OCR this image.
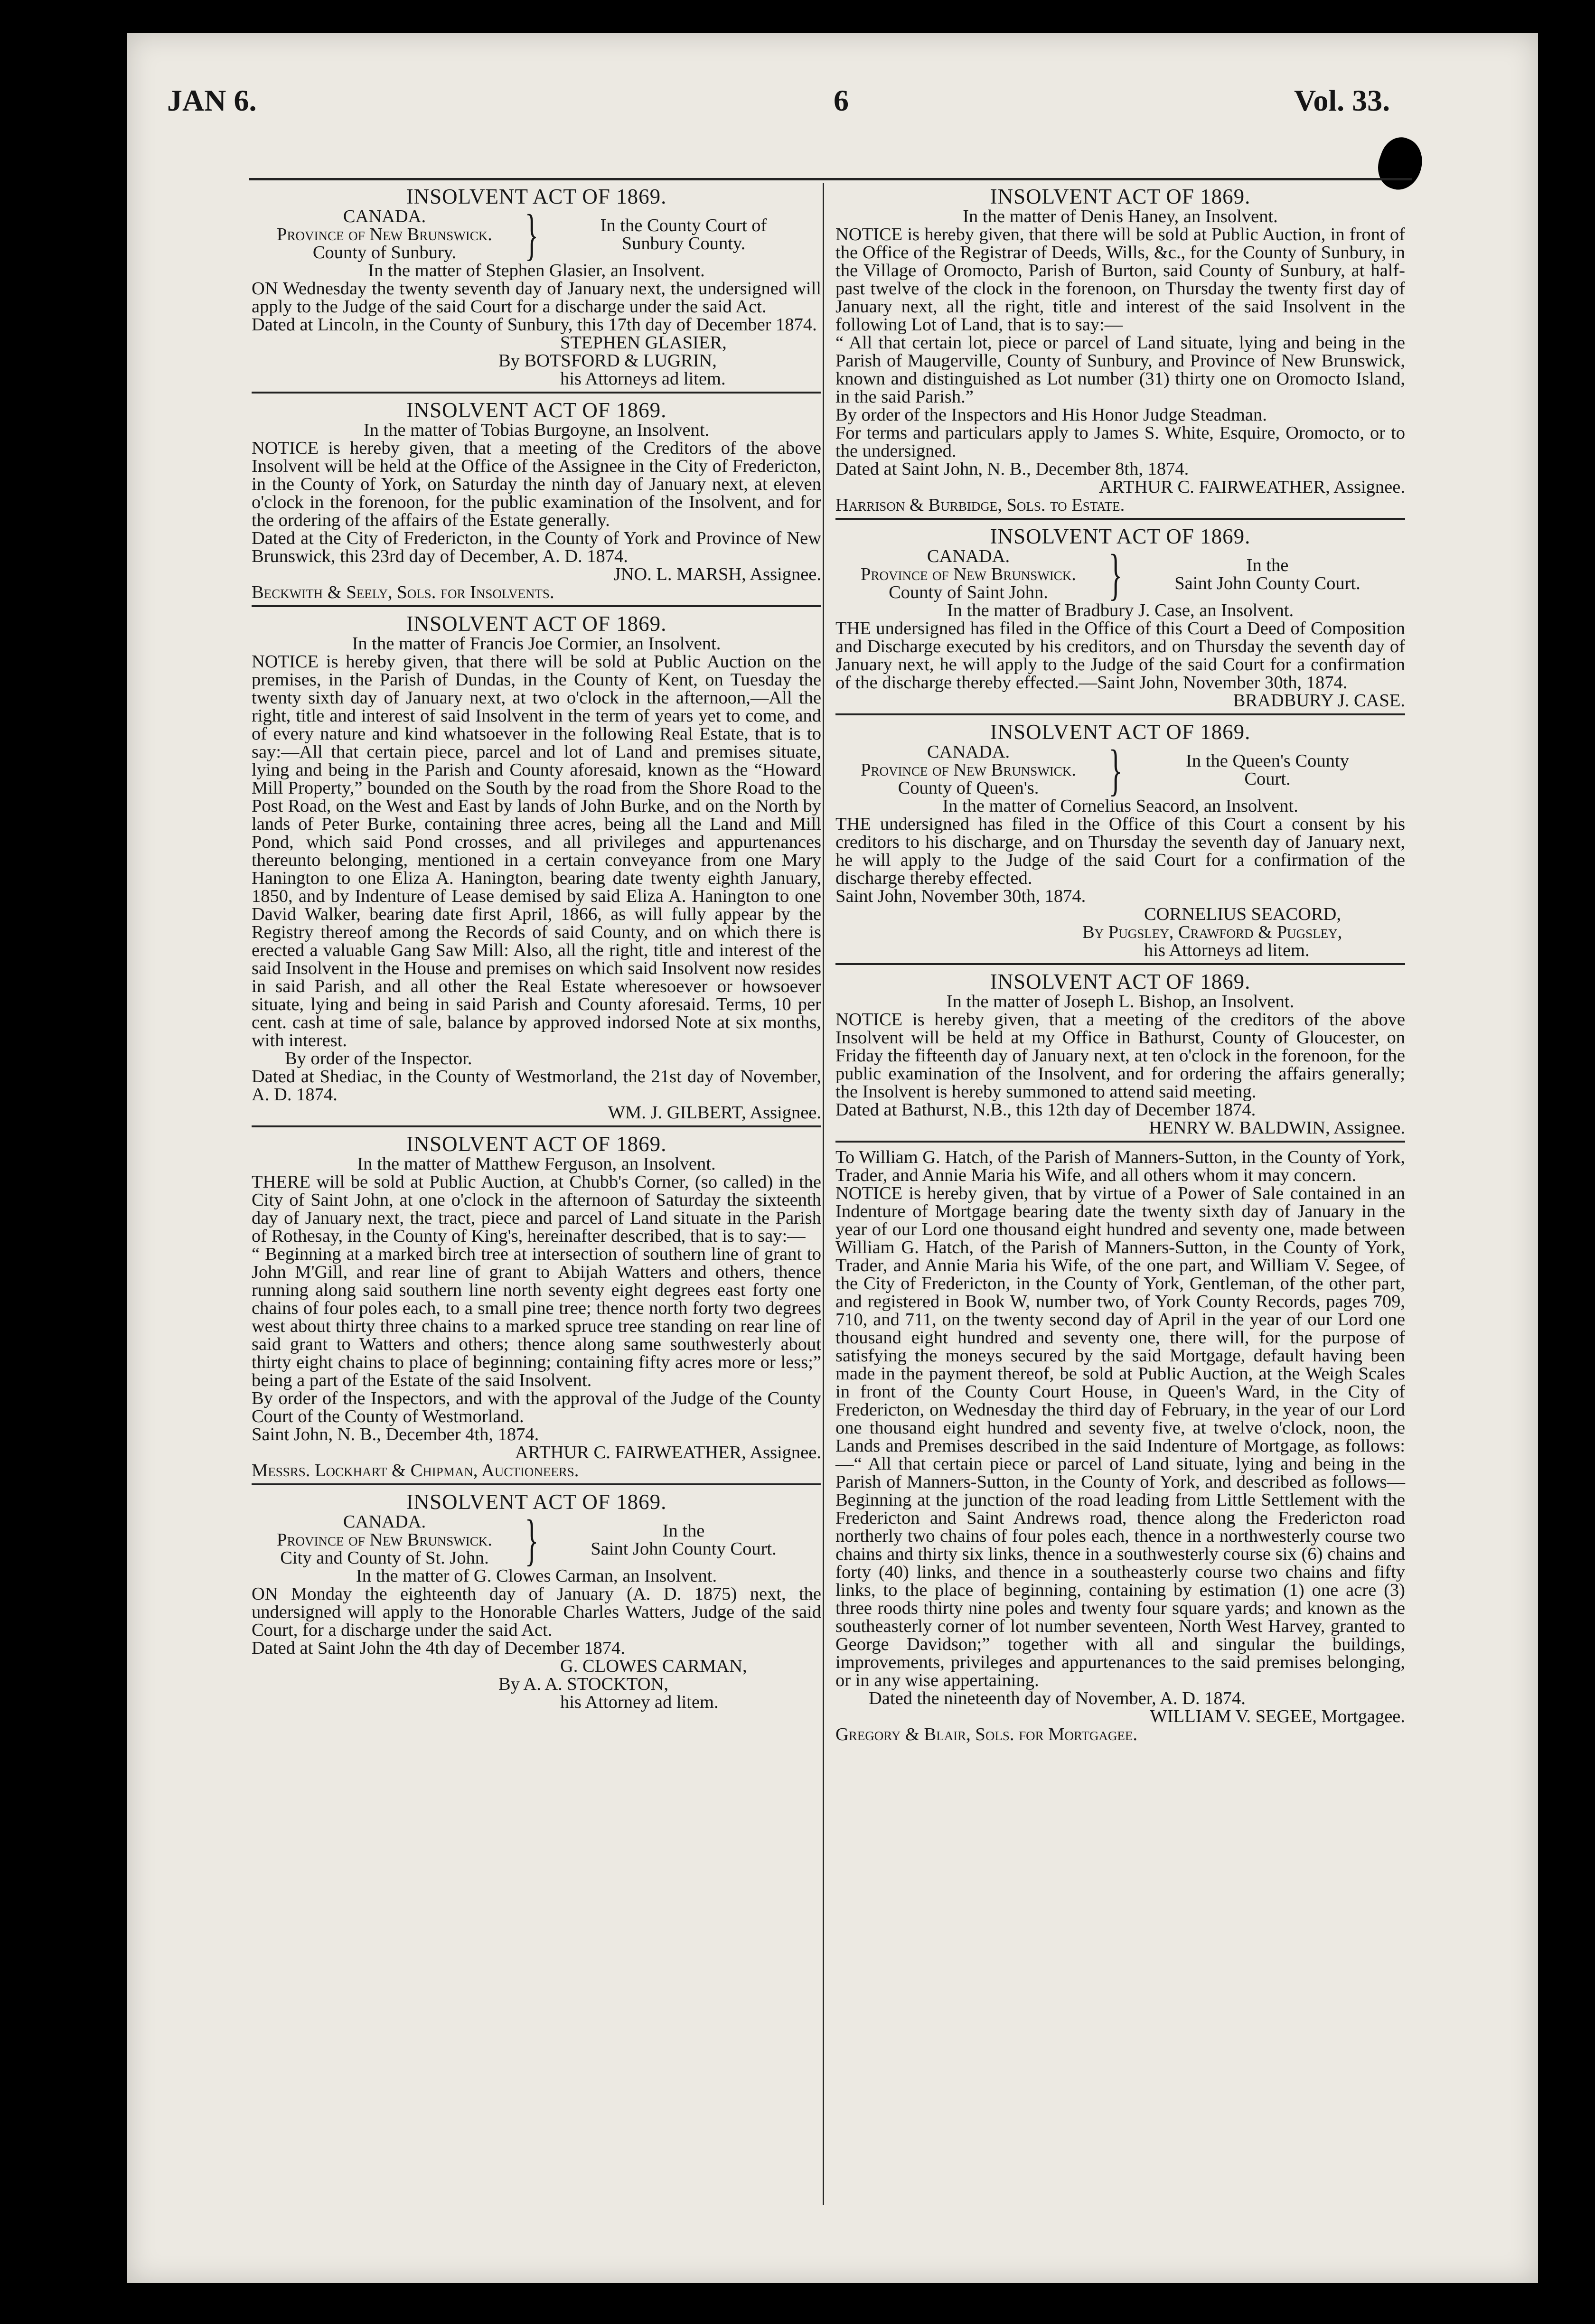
JAN 6.	6	Vol. 33.
INSOLVENT ACT OF 1869.
CANADA.
Province of New Brunswick.
County of Sunbury.	}	In the County Court of
Sunbury County.
In the matter of Stephen Glasier, an Insolvent.
ON Wednesday the twenty seventh day of January next, the undersigned will apply to the Judge of the said Court for a discharge under the said Act.
Dated at Lincoln, in the County of Sunbury, this 17th day of December 1874.
STEPHEN GLASIER,
By BOTSFORD & LUGRIN,
his Attorneys ad litem.
INSOLVENT ACT OF 1869.
In the matter of Tobias Burgoyne, an Insolvent.
NOTICE is hereby given, that a meeting of the Creditors of the above Insolvent will be held at the Office of the Assignee in the City of Fredericton, in the County of York, on Saturday the ninth day of January next, at eleven o'clock in the forenoon, for the public examination of the Insolvent, and for the ordering of the affairs of the Estate generally.
Dated at the City of Fredericton, in the County of York and Province of New Brunswick, this 23rd day of December, A. D. 1874.
JNO. L. MARSH, Assignee.
Beckwith & Seely, Sols. for Insolvents.
INSOLVENT ACT OF 1869.
In the matter of Francis Joe Cormier, an Insolvent.
NOTICE is hereby given, that there will be sold at Public Auction on the premises, in the Parish of Dundas, in the County of Kent, on Tuesday the twenty sixth day of January next, at two o'clock in the afternoon,—All the right, title and interest of said Insolvent in the term of years yet to come, and of every nature and kind whatsoever in the following Real Estate, that is to say:—All that certain piece, parcel and lot of Land and premises situate, lying and being in the Parish and County aforesaid, known as the “Howard Mill Property,” bounded on the South by the road from the Shore Road to the Post Road, on the West and East by lands of John Burke, and on the North by lands of Peter Burke, containing three acres, being all the Land and Mill Pond, which said Pond crosses, and all privileges and appurtenances thereunto belonging, mentioned in a certain conveyance from one Mary Hanington to one Eliza A. Hanington, bearing date twenty eighth January, 1850, and by Indenture of Lease demised by said Eliza A. Hanington to one David Walker, bearing date first April, 1866, as will fully appear by the Registry thereof among the Records of said County, and on which there is erected a valuable Gang Saw Mill: Also, all the right, title and interest of the said Insolvent in the House and premises on which said Insolvent now resides in said Parish, and all other the Real Estate wheresoever or howsoever situate, lying and being in said Parish and County aforesaid. Terms, 10 per cent. cash at time of sale, balance by approved indorsed Note at six months, with interest.
By order of the Inspector.
Dated at Shediac, in the County of Westmorland, the 21st day of November, A. D. 1874.
WM. J. GILBERT, Assignee.
INSOLVENT ACT OF 1869.
In the matter of Matthew Ferguson, an Insolvent.
THERE will be sold at Public Auction, at Chubb's Corner, (so called) in the City of Saint John, at one o'clock in the afternoon of Saturday the sixteenth day of January next, the tract, piece and parcel of Land situate in the Parish of Rothesay, in the County of King's, hereinafter described, that is to say:—
“ Beginning at a marked birch tree at intersection of southern line of grant to John M'Gill, and rear line of grant to Abijah Watters and others, thence running along said southern line north seventy eight degrees east forty one chains of four poles each, to a small pine tree; thence north forty two degrees west about thirty three chains to a marked spruce tree standing on rear line of said grant to Watters and others; thence along same southwesterly about thirty eight chains to place of beginning; containing fifty acres more or less;” being a part of the Estate of the said Insolvent.
By order of the Inspectors, and with the approval of the Judge of the County Court of the County of Westmorland.
Saint John, N. B., December 4th, 1874.
ARTHUR C. FAIRWEATHER, Assignee.
Messrs. Lockhart & Chipman, Auctioneers.
INSOLVENT ACT OF 1869.
CANADA.
Province of New Brunswick.
City and County of St. John. }	In the
Saint John County Court.
In the matter of G. Clowes Carman, an Insolvent.
ON Monday the eighteenth day of January (A. D. 1875) next, the undersigned will apply to the Honorable Charles Watters, Judge of the said Court, for a discharge under the said Act.
Dated at Saint John the 4th day of December 1874.
G. CLOWES CARMAN,
By A. A. STOCKTON,
his Attorney ad litem.
INSOLVENT ACT OF 1869.
In the matter of Denis Haney, an Insolvent.
NOTICE is hereby given, that there will be sold at Public Auction, in front of the Office of the Registrar of Deeds, Wills, &c., for the County of Sunbury, in the Village of Oromocto, Parish of Burton, said County of Sunbury, at half-past twelve of the clock in the forenoon, on Thursday the twenty first day of January next, all the right, title and interest of the said Insolvent in the following Lot of Land, that is to say:—
“ All that certain lot, piece or parcel of Land situate, lying and being in the Parish of Maugerville, County of Sunbury, and Province of New Brunswick, known and distinguished as Lot number (31) thirty one on Oromocto Island, in the said Parish.”
By order of the Inspectors and His Honor Judge Steadman.
For terms and particulars apply to James S. White, Esquire, Oromocto, or to the undersigned.
Dated at Saint John, N. B., December 8th, 1874.
ARTHUR C. FAIRWEATHER, Assignee.
Harrison & Burbidge, Sols. to Estate.
INSOLVENT ACT OF 1869.
CANADA.
Province of New Brunswick.
County of Saint John.	}	In the
Saint John County Court.
In the matter of Bradbury J. Case, an Insolvent.
THE undersigned has filed in the Office of this Court a Deed of Composition and Discharge executed by his creditors, and on Thursday the seventh day of January next, he will apply to the Judge of the said Court for a confirmation of the discharge thereby effected.—Saint John, November 30th, 1874.
BRADBURY J. CASE.
INSOLVENT ACT OF 1869.
CANADA.
Province of New Brunswick.
County of Queen's.	}	In the Queen's County
Court.
In the matter of Cornelius Seacord, an Insolvent.
THE undersigned has filed in the Office of this Court a consent by his creditors to his discharge, and on Thursday the seventh day of January next, he will apply to the Judge of the said Court for a confirmation of the discharge thereby effected.
Saint John, November 30th, 1874.
CORNELIUS SEACORD,
By Pugsley, Crawford & Pugsley,
his Attorneys ad litem.
INSOLVENT ACT OF 1869.
In the matter of Joseph L. Bishop, an Insolvent.
NOTICE is hereby given, that a meeting of the creditors of the above Insolvent will be held at my Office in Bathurst, County of Gloucester, on Friday the fifteenth day of January next, at ten o'clock in the forenoon, for the public examination of the Insolvent, and for ordering the affairs generally; the Insolvent is hereby summoned to attend said meeting.
Dated at Bathurst, N.B., this 12th day of December 1874.
HENRY W. BALDWIN, Assignee.
To William G. Hatch, of the Parish of Manners-Sutton, in the County of York, Trader, and Annie Maria his Wife, and all others whom it may concern.
NOTICE is hereby given, that by virtue of a Power of Sale contained in an Indenture of Mortgage bearing date the twenty sixth day of January in the year of our Lord one thousand eight hundred and seventy one, made between William G. Hatch, of the Parish of Manners-Sutton, in the County of York, Trader, and Annie Maria his Wife, of the one part, and William V. Segee, of the City of Fredericton, in the County of York, Gentleman, of the other part, and registered in Book W, number two, of York County Records, pages 709, 710, and 711, on the twenty second day of April in the year of our Lord one thousand eight hundred and seventy one, there will, for the purpose of satisfying the moneys secured by the said Mortgage, default having been made in the payment thereof, be sold at Public Auction, at the Weigh Scales in front of the County Court House, in Queen's Ward, in the City of Fredericton, on Wednesday the third day of February, in the year of our Lord one thousand eight hundred and seventy five, at twelve o'clock, noon, the Lands and Premises described in the said Indenture of Mortgage, as follows:—“ All that certain piece or parcel of Land situate, lying and being in the Parish of Manners-Sutton, in the County of York, and described as follows—Beginning at the junction of the road leading from Little Settlement with the Fredericton and Saint Andrews road, thence along the Fredericton road northerly two chains of four poles each, thence in a northwesterly course two chains and thirty six links, thence in a southwesterly course six (6) chains and forty (40) links, and thence in a southeasterly course two chains and fifty links, to the place of beginning, containing by estimation (1) one acre (3) three roods thirty nine poles and twenty four square yards; and known as the southeasterly corner of lot number seventeen, North West Harvey, granted to George Davidson;” together with all and singular the buildings, improvements, privileges and appurtenances to the said premises belonging, or in any wise appertaining.
Dated the nineteenth day of November, A. D. 1874.
WILLIAM V. SEGEE, Mortgagee.
Gregory & Blair, Sols. for Mortgagee.
